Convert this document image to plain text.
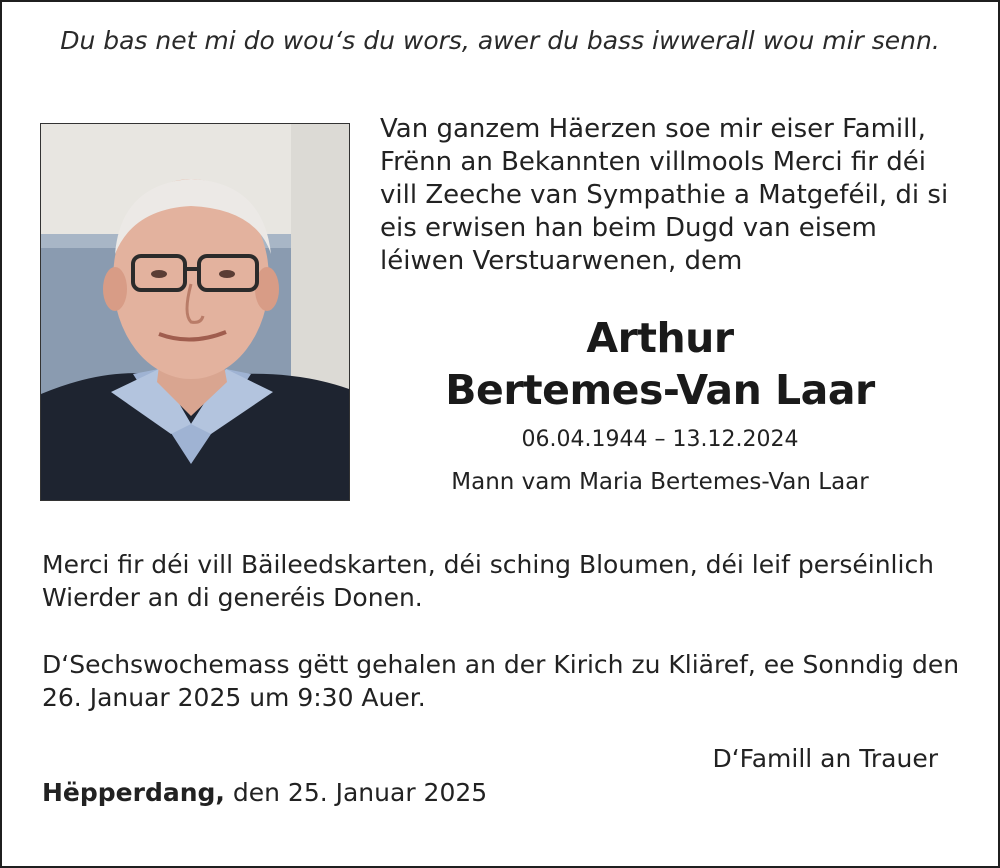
Du bas net mi do wou‘s du wors, awer du bass iwwerall wou mir senn.
Van ganzem Häerzen soe mir eiser Famill, Frënn an Bekannten villmools Merci fir déi vill Zeeche van Sympathie a Matgeféil, di si eis erwisen han beim Dugd van eisem léiwen Verstuarwenen, dem
Arthur
Bertemes-Van Laar
06.04.1944 – 13.12.2024
Mann vam Maria Bertemes-Van Laar
Merci fir déi vill Bäileedskarten, déi sching Bloumen, déi leif perséinlich Wierder an di generéis Donen.
D‘Sechswochemass gëtt gehalen an der Kirich zu Kliäref, ee Sonndig den 26. Januar 2025 um 9:30 Auer.
D‘Famill an Trauer
Hëpperdang, den 25. Januar 2025
